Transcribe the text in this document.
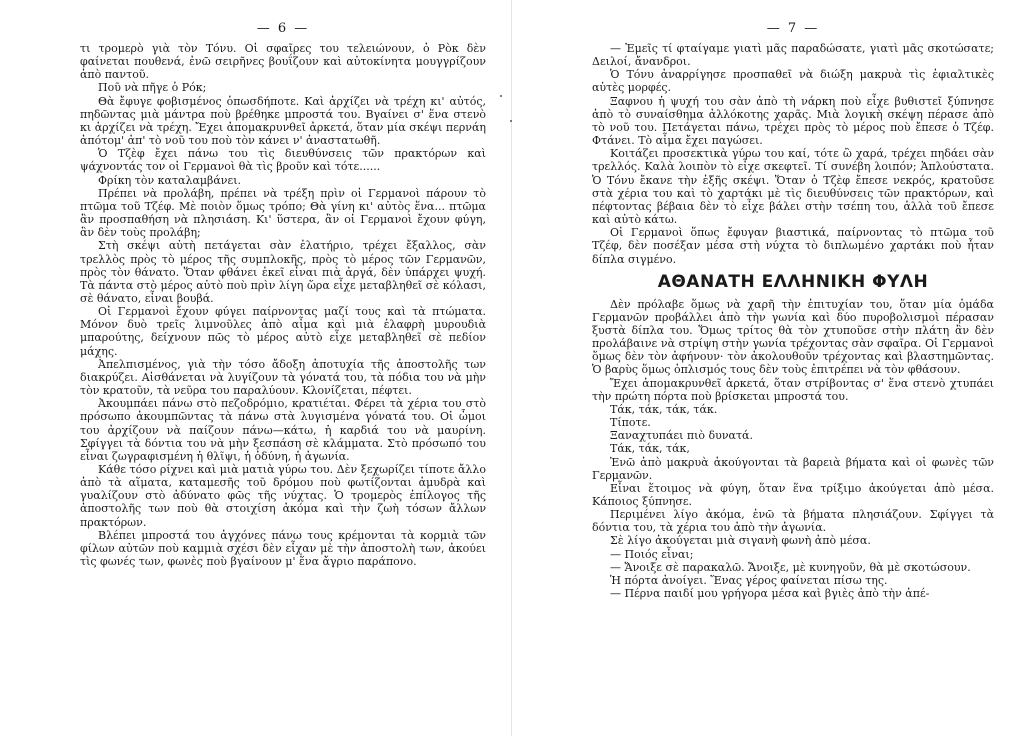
— 6 —

τι τρομερὸ γιὰ τὸν Τόνυ. Οἱ σφαῖρες του τελειώνουν, ὁ Ρὸκ δὲν φαίνεται πουθενά, ἐνῶ σειρῆνες βουΐζουν καὶ αὐτοκίνητα μουγγρίζουν ἀπὸ παντοῦ.

Ποῦ νὰ πῆγε ὁ Ρόκ;

Θὰ ἔφυγε φοβισμένος ὁπωσδήποτε. Καὶ ἀρχίζει νὰ τρέχη κι' αὐτός, πηδῶντας μιὰ μάντρα ποὺ βρέθηκε μπροστά του. Βγαίνει σ' ἕνα στενὸ κι ἀρχίζει νὰ τρέχη. Ἔχει ἀπομακρυνθεῖ ἀρκετά, ὅταν μία σκέψι περνάη ἀπότομ' ἀπ' τὸ νοῦ του ποὺ τὸν κάνει ν' ἀναστατωθῆ.

Ὁ Τζὲφ ἔχει πάνω του τὶς διευθύνσεις τῶν πρακτόρων καὶ ψάχνοντάς τον οἱ Γερμανοὶ θὰ τὶς βροῦν καὶ τότε......

Φρίκη τὸν καταλαμβάνει.

Πρέπει νὰ προλάβη, πρέπει νὰ τρέξη πρὶν οἱ Γερμανοὶ πάρουν τὸ πτῶμα τοῦ Τζέφ. Μὲ ποιὸν ὅμως τρόπο; Θὰ γίνη κι' αὐτὸς ἕνα... πτῶμα ἂν προσπαθήση νὰ πλησιάση. Κι' ὕστερα, ἂν οἱ Γερμανοὶ ἔχουν φύγη, ἂν δὲν τοὺς προλάβη;

Στὴ σκέψι αὐτὴ πετάγεται σὰν ἐλατήριο, τρέχει ἔξαλλος, σὰν τρελλὸς πρὸς τὸ μέρος τῆς συμπλοκῆς, πρὸς τὸ μέρος τῶν Γερμανῶν, πρὸς τὸν θάνατο. Ὅταν φθάνει ἐκεῖ εἶναι πιὰ ἀργά, δὲν ὑπάρχει ψυχή. Τὰ πάντα στὸ μέρος αὐτὸ ποὺ πρὶν λίγη ὥρα εἶχε μεταβληθεῖ σὲ κόλασι, σὲ θάνατο, εἶναι βουβά.

Οἱ Γερμανοὶ ἔχουν φύγει παίρνοντας μαζί τους καὶ τὰ πτώματα. Μόνον δυὸ τρεῖς λιμνοῦλες ἀπὸ αἷμα καὶ μιὰ ἐλαφρὴ μυρουδιὰ μπαρούτης, δείχνουν πῶς τὸ μέρος αὐτὸ εἶχε μεταβληθεῖ σὲ πεδίον μάχης.

Ἀπελπισμένος, γιὰ τὴν τόσο ἄδοξη ἀποτυχία τῆς ἀποστολῆς των διακρύζει. Αἰσθάνεται νὰ λυγίζουν τὰ γόνατά του, τὰ πόδια του νὰ μὴν τὸν κρατοῦν, τὰ νεῦρα του παραλύουν. Κλονίζεται, πέφτει.

Ἀκουμπάει πάνω στὸ πεζοδρόμιο, κρατιέται. Φέρει τὰ χέρια του στὸ πρόσωπο ἀκουμπῶντας τὰ πάνω στὰ λυγισμένα γόνατά του. Οἱ ὦμοι του ἀρχίζουν νὰ παίζουν πάνω—κάτω, ἡ καρδιά του νὰ μαυρίνη. Σφίγγει τὰ δόντια του νὰ μὴν ξεσπάση σὲ κλάμματα. Στὸ πρόσωπό του εἶναι ζωγραφισμένη ἡ θλῖψι, ἡ ὀδύνη, ἡ ἀγωνία.

Κάθε τόσο ρίχνει καὶ μιὰ ματιὰ γύρω του. Δὲν ξεχωρίζει τίποτε ἄλλο ἀπὸ τὰ αἵματα, καταμεσῆς τοῦ δρόμου ποὺ φωτίζονται ἀμυδρὰ καὶ γυαλίζουν στὸ ἀδύνατο φῶς τῆς νύχτας. Ὁ τρομερὸς ἐπίλογος τῆς ἀποστολῆς των ποὺ θὰ στοιχίση ἀκόμα καὶ τὴν ζωὴ τόσων ἄλλων πρακτόρων.

Βλέπει μπροστά του ἀγχόνες πάνω τους κρέμονται τὰ κορμιὰ τῶν φίλων αὐτῶν ποὺ καμμιὰ σχέσι δὲν εἶχαν μὲ τὴν ἀποστολὴ των, ἀκούει τὶς φωνές των, φωνὲς ποὺ βγαίνουν μ' ἕνα ἄγριο παράπονο.

— 7 —

— Ἐμεῖς τί φταίγαμε γιατὶ μᾶς παραδώσατε, γιατὶ μᾶς σκοτώσατε; Δειλοί, ἄνανδροι.

Ὁ Τόνυ ἀναρρίγησε προσπαθεῖ νὰ διώξη μακρυὰ τὶς ἐφιαλτικὲς αὐτὲς μορφές.

Ξαφνου ἡ ψυχή του σὰν ἀπὸ τὴ νάρκη ποὺ εἶχε βυθιστεῖ ξύπνησε ἀπὸ τὸ συναίσθημα ἀλλόκοτης χαρᾶς. Μιὰ λογικὴ σκέψη πέρασε ἀπὸ τὸ νοῦ του. Πετάγεται πάνω, τρέχει πρὸς τὸ μέρος ποὺ ἔπεσε ὁ Τζέφ. Φτάνει. Τὸ αἷμα ἔχει παγώσει.

Κοιτάζει προσεκτικὰ γύρω του καί, τότε ὢ χαρά, τρέχει πηδάει σὰν τρελλός. Καλὰ λοιπὸν τὸ εἶχε σκεφτεῖ. Τί συνέβη λοιπόν; Ἁπλούστατα. Ὁ Τόνυ ἔκανε τὴν ἑξῆς σκέψι. Ὅταν ὁ Τζὲφ ἔπεσε νεκρός, κρατοῦσε στὰ χέρια του καὶ τὸ χαρτάκι μὲ τὶς διευθύνσεις τῶν πρακτόρων, καὶ πέφτοντας βέβαια δὲν τὸ εἶχε βάλει στὴν τσέπη του, ἀλλὰ τοῦ ἔπεσε καὶ αὐτὸ κάτω.

Οἱ Γερμανοὶ ὅπως ἔφυγαν βιαστικά, παίρνοντας τὸ πτῶμα τοῦ Τζέφ, δὲν ποσέξαν μέσα στὴ νύχτα τὸ διπλωμένο χαρτάκι ποὺ ἦταν δίπλα σιγμένο.

ΑΘΑΝΑΤΗ ΕΛΛΗΝΙΚΗ ΦΥΛΗ

Δὲν πρόλαβε ὅμως νὰ χαρῆ τὴν ἐπιτυχίαν του, ὅταν μία ὁμάδα Γερμανῶν προβάλλει ἀπὸ τὴν γωνία καὶ δύο πυροβολισμοὶ πέρασαν ξυστὰ δίπλα του. Ὅμως τρίτος θὰ τὸν χτυποῦσε στὴν πλάτη ἂν δὲν προλάβαινε νὰ στρίψη στὴν γωνία τρέχοντας σὰν σφαῖρα. Οἱ Γερμανοὶ ὅμως δὲν τὸν ἀφήνουν· τὸν ἀκολουθοῦν τρέχοντας καὶ βλαστημῶντας. Ὁ βαρὺς ὅμως ὁπλισμός τους δὲν τοὺς ἐπιτρέπει νὰ τὸν φθάσουν.

Ἔχει ἀπομακρυνθεῖ ἀρκετά, ὅταν στρίβοντας σ' ἕνα στενὸ χτυπάει τὴν πρώτη πόρτα ποὺ βρίσκεται μπροστά του.

Τάκ, τάκ, τάκ, τάκ.

Τίποτε.

Ξαναχτυπάει πιὸ δυνατά.

Τάκ, τάκ, τάκ,

Ἐνῶ ἀπὸ μακρυὰ ἀκούγονται τὰ βαρειὰ βήματα καὶ οἱ φωνὲς τῶν Γερμανῶν.

Εἶναι ἕτοιμος νὰ φύγη, ὅταν ἕνα τρίξιμο ἀκούγεται ἀπὸ μέσα. Κάποιος ξύπνησε.

Περιμένει λίγο ἀκόμα, ἐνῶ τὰ βήματα πλησιάζουν. Σφίγγει τὰ δόντια του, τὰ χέρια του ἀπὸ τὴν ἀγωνία.

Σὲ λίγο ἀκούγεται μιὰ σιγανὴ φωνὴ ἀπὸ μέσα.

— Ποιός εἶναι;

— Ἄνοιξε σὲ παρακαλῶ. Ἄνοιξε, μὲ κυνηγοῦν, θὰ μὲ σκοτώσουν.

Ἡ πόρτα ἀνοίγει. Ἕνας γέρος φαίνεται πίσω της.

— Πέρνα παιδί μου γρήγορα μέσα καὶ βγιὲς ἀπὸ τὴν ἀπέ-
